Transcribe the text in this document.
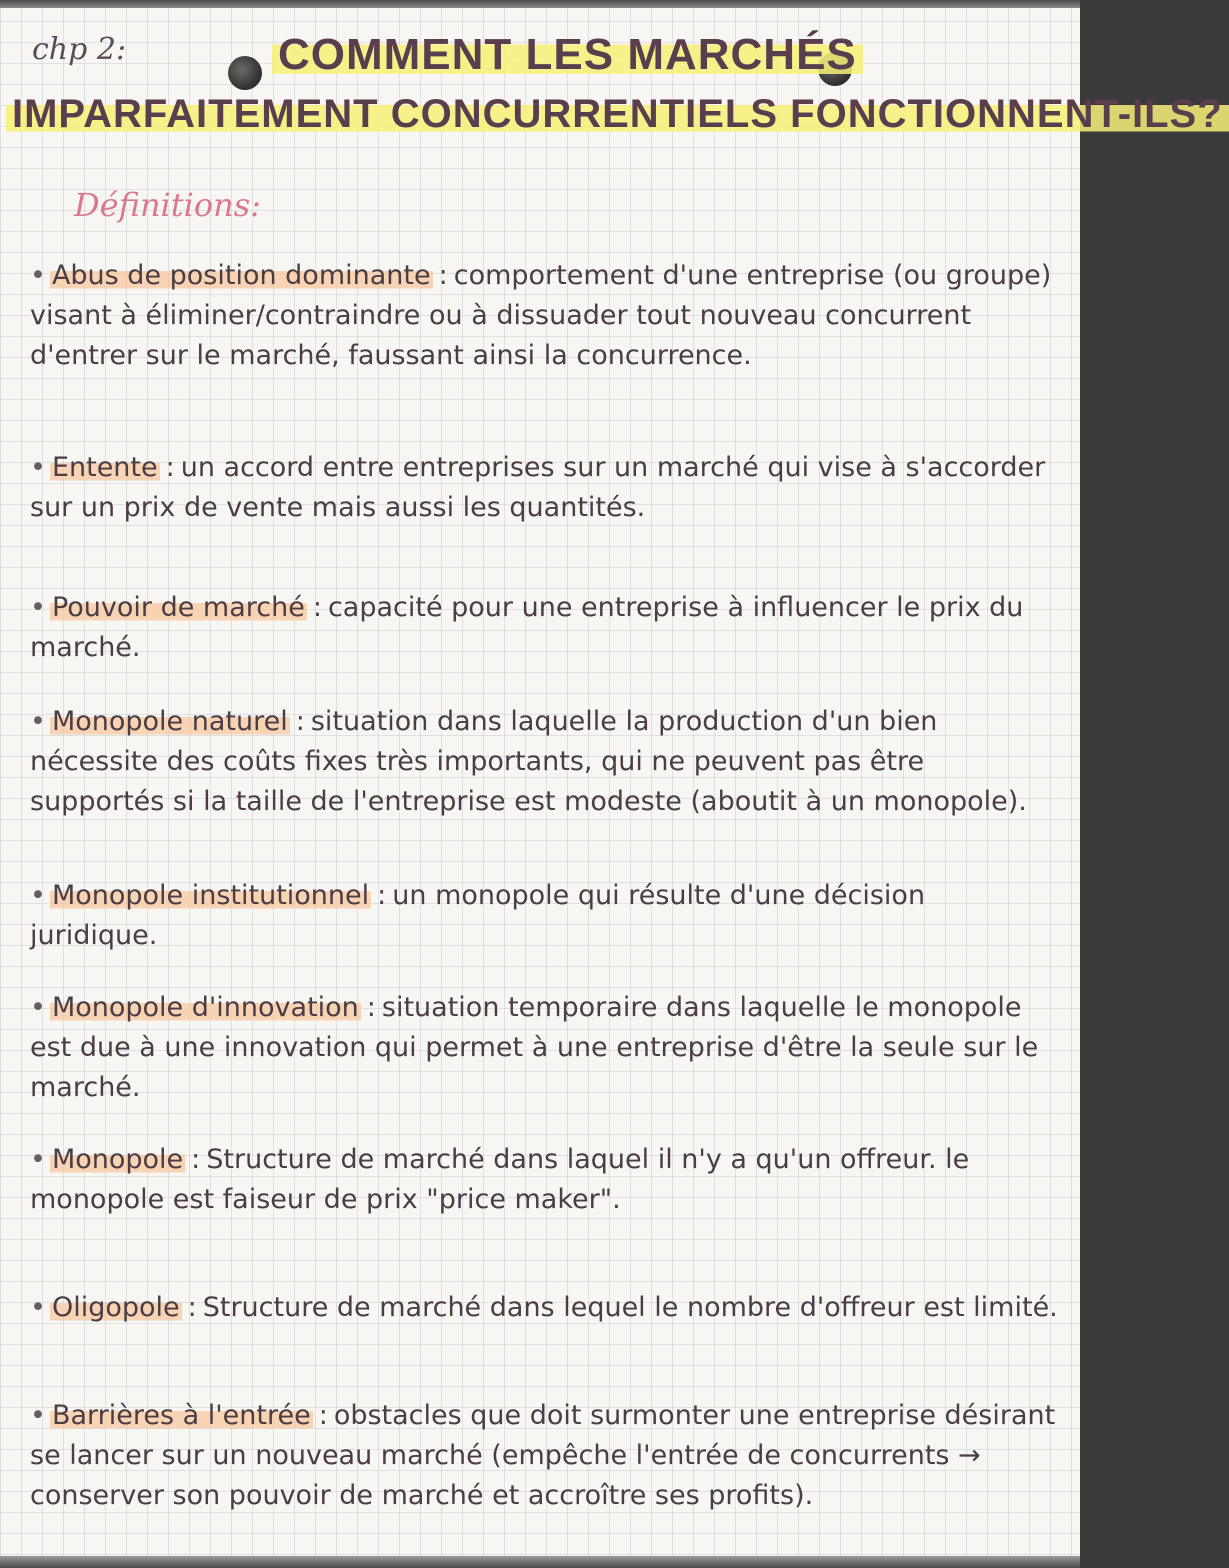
chp 2:	COMMENT LES MARCHÉS
IMPARFAITEMENT CONCURRENTIELS FONCTIONNENT-ILS?
Définitions:
• Abus de position dominante : comportement d'une entreprise (ou groupe) visant à éliminer/contraindre ou à dissuader tout nouveau concurrent d'entrer sur le marché, faussant ainsi la concurrence.
• Entente : un accord entre entreprises sur un marché qui vise à s'accorder sur un prix de vente mais aussi les quantités.
• Pouvoir de marché : capacité pour une entreprise à influencer le prix du marché.
• Monopole naturel : situation dans laquelle la production d'un bien nécessite des coûts fixes très importants, qui ne peuvent pas être supportés si la taille de l'entreprise est modeste (aboutit à un monopole).
• Monopole institutionnel : un monopole qui résulte d'une décision juridique.
• Monopole d'innovation : situation temporaire dans laquelle le monopole est due à une innovation qui permet à une entreprise d'être la seule sur le marché.
• Monopole : Structure de marché dans laquel il n'y a qu'un offreur. le monopole est faiseur de prix "price maker".
• Oligopole : Structure de marché dans lequel le nombre d'offreur est limité.
• Barrières à l'entrée : obstacles que doit surmonter une entreprise désirant se lancer sur un nouveau marché (empêche l'entrée de concurrents → conserver son pouvoir de marché et accroître ses profits).
